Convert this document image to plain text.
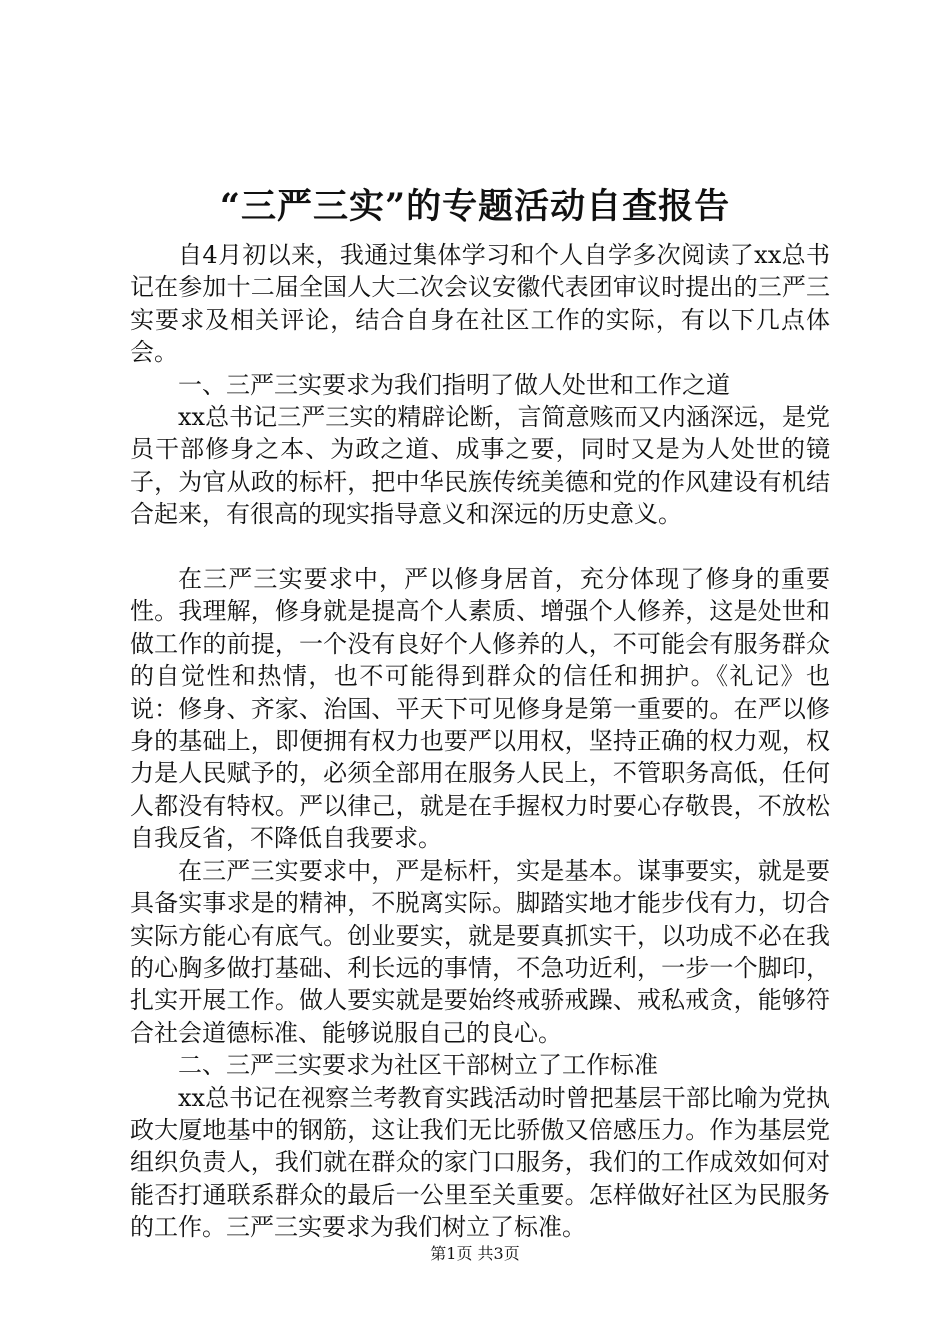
“三严三实”的专题活动自查报告

自4月初以来，我通过集体学习和个人自学多次阅读了xx总书记在参加十二届全国人大二次会议安徽代表团审议时提出的三严三实要求及相关评论，结合自身在社区工作的实际，有以下几点体会。

一、三严三实要求为我们指明了做人处世和工作之道

xx总书记三严三实的精辟论断，言简意赅而又内涵深远，是党员干部修身之本、为政之道、成事之要，同时又是为人处世的镜子，为官从政的标杆，把中华民族传统美德和党的作风建设有机结合起来，有很高的现实指导意义和深远的历史意义。

在三严三实要求中，严以修身居首，充分体现了修身的重要性。我理解，修身就是提高个人素质、增强个人修养，这是处世和做工作的前提，一个没有良好个人修养的人，不可能会有服务群众的自觉性和热情，也不可能得到群众的信任和拥护。《礼记》也说：修身、齐家、治国、平天下可见修身是第一重要的。在严以修身的基础上，即便拥有权力也要严以用权，坚持正确的权力观，权力是人民赋予的，必须全部用在服务人民上，不管职务高低，任何人都没有特权。严以律己，就是在手握权力时要心存敬畏，不放松自我反省，不降低自我要求。

在三严三实要求中，严是标杆，实是基本。谋事要实，就是要具备实事求是的精神，不脱离实际。脚踏实地才能步伐有力，切合实际方能心有底气。创业要实，就是要真抓实干，以功成不必在我的心胸多做打基础、利长远的事情，不急功近利，一步一个脚印，扎实开展工作。做人要实就是要始终戒骄戒躁、戒私戒贪，能够符合社会道德标准、能够说服自己的良心。

二、三严三实要求为社区干部树立了工作标准

xx总书记在视察兰考教育实践活动时曾把基层干部比喻为党执政大厦地基中的钢筋，这让我们无比骄傲又倍感压力。作为基层党组织负责人，我们就在群众的家门口服务，我们的工作成效如何对能否打通联系群众的最后一公里至关重要。怎样做好社区为民服务的工作。三严三实要求为我们树立了标准。

第1页 共3页
